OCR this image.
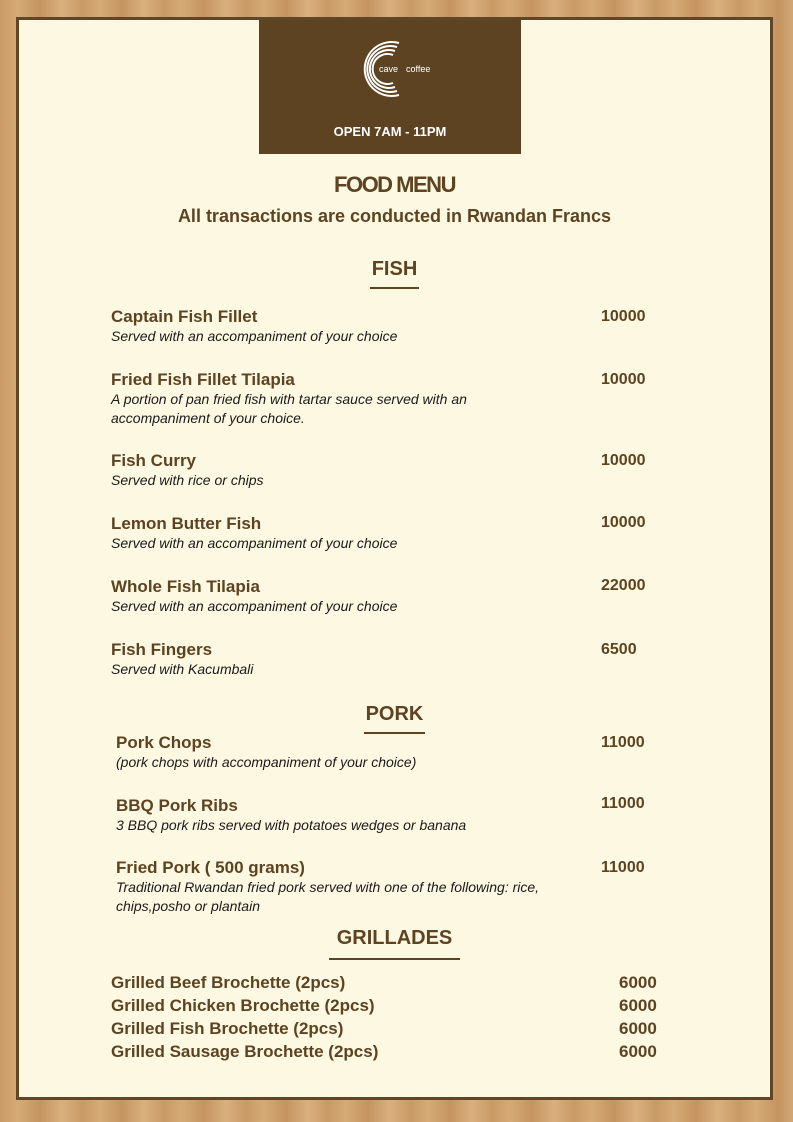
cave coffee
OPEN 7AM - 11PM
FOOD MENU
All transactions are conducted in Rwandan Francs
FISH
Captain Fish Fillet
Served with an accompaniment of your choice
10000
Fried Fish Fillet Tilapia
A portion of pan fried fish with tartar sauce served with an accompaniment of your choice.
10000
Fish Curry
Served with rice or chips
10000
Lemon Butter Fish
Served with an accompaniment of your choice
10000
Whole Fish Tilapia
Served with an accompaniment of your choice
22000
Fish Fingers
Served with Kacumbali
6500
PORK
Pork Chops
(pork chops with accompaniment of your choice)
11000
BBQ Pork Ribs
3 BBQ pork ribs served with potatoes wedges or banana
11000
Fried Pork ( 500 grams)
Traditional Rwandan fried pork served with one of the following: rice, chips,posho or plantain
11000
GRILLADES
Grilled Beef Brochette (2pcs)	6000
Grilled Chicken Brochette (2pcs)	6000
Grilled Fish Brochette (2pcs)	6000
Grilled Sausage Brochette (2pcs)	6000
